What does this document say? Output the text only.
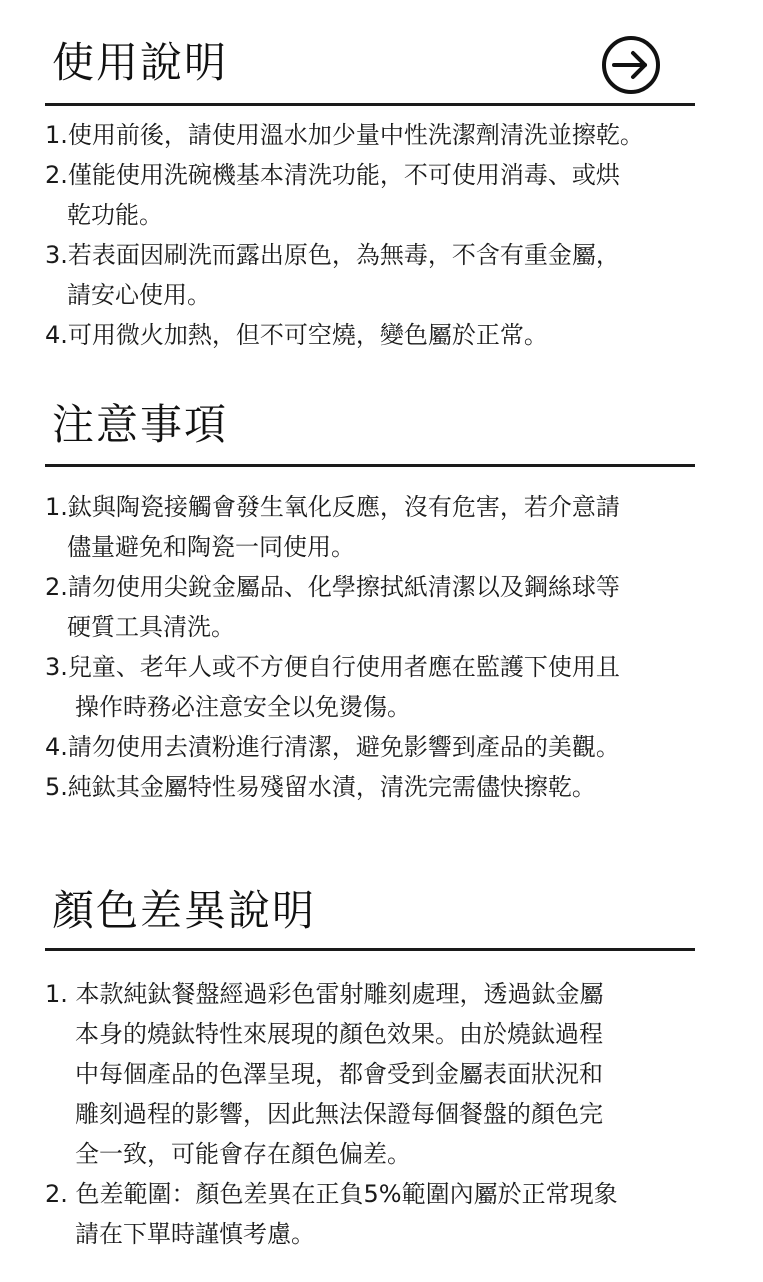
使用說明
1.使用前後，請使用溫水加少量中性洗潔劑清洗並擦乾。
2.僅能使用洗碗機基本清洗功能，不可使用消毒、或烘
乾功能。
3.若表面因刷洗而露出原色，為無毒，不含有重金屬，
請安心使用。
4.可用微火加熱，但不可空燒，變色屬於正常。
注意事項
1.鈦與陶瓷接觸會發生氧化反應，沒有危害，若介意請
儘量避免和陶瓷一同使用。
2.請勿使用尖銳金屬品、化學擦拭紙清潔以及鋼絲球等
硬質工具清洗。
3.兒童、老年人或不方便自行使用者應在監護下使用且
操作時務必注意安全以免燙傷。
4.請勿使用去漬粉進行清潔，避免影響到產品的美觀。
5.純鈦其金屬特性易殘留水漬，清洗完需儘快擦乾。
顏色差異說明
1. 本款純鈦餐盤經過彩色雷射雕刻處理，透過鈦金屬
本身的燒鈦特性來展現的顏色效果。由於燒鈦過程
中每個產品的色澤呈現，都會受到金屬表面狀況和
雕刻過程的影響，因此無法保證每個餐盤的顏色完
全一致，可能會存在顏色偏差。
2. 色差範圍：顏色差異在正負5%範圍內屬於正常現象
請在下單時謹慎考慮。
